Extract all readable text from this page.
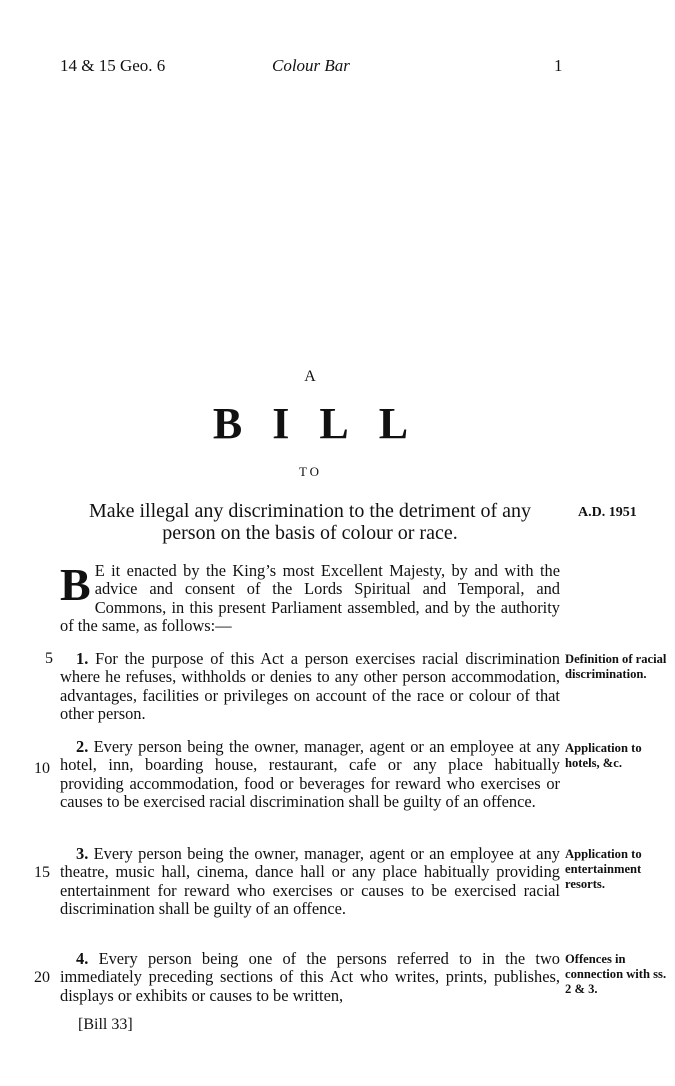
14 & 15 Geo. 6	Colour Bar	1
A
BILL
TO
Make illegal any discrimination to the detriment of any person on the basis of colour or race.
A.D. 1951
B E it enacted by the King’s most Excellent Majesty, by and with the advice and consent of the Lords Spiritual and Temporal, and Commons, in this present Parliament assembled, and by the authority of the same, as follows:—
5	1. For the purpose of this Act a person exercises racial discrimination where he refuses, withholds or denies to any other person accommodation, advantages, facilities or privileges on account of the race or colour of that other person.

Definition of racial discrimination.
10

2. Every person being the owner, manager, agent or an employee at any hotel, inn, boarding house, restaurant, cafe or any place habitually providing accommodation, food or beverages for reward who exercises or causes to be exercised racial discrimination shall be guilty of an offence.

Application to hotels, &c.
15

3. Every person being the owner, manager, agent or an employee at any theatre, music hall, cinema, dance hall or any place habitually providing entertainment for reward who exercises or causes to be exercised racial discrimination shall be guilty of an offence.

Application to entertainment resorts.
20

4. Every person being one of the persons referred to in the two immediately preceding sections of this Act who writes, prints, publishes, displays or exhibits or causes to be written,

Offences in connection with ss. 2 & 3.
[Bill 33]
